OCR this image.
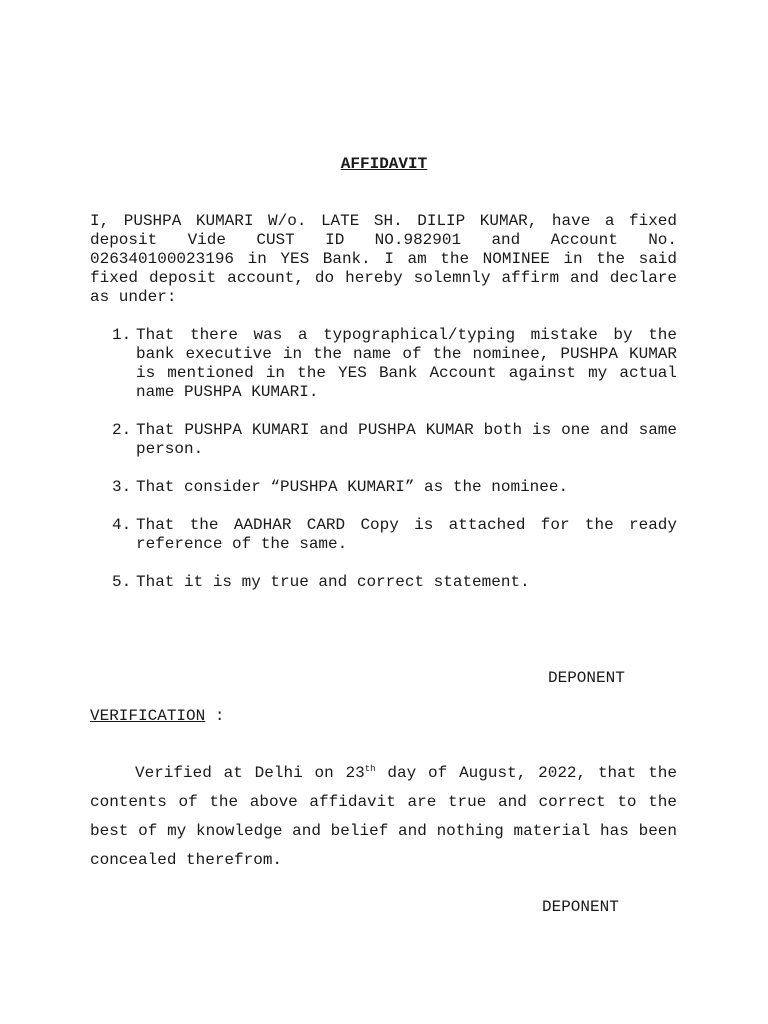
AFFIDAVIT

I, PUSHPA KUMARI W/o. LATE SH. DILIP KUMAR, have a fixed deposit Vide CUST ID NO.982901 and Account No. 026340100023196 in YES Bank. I am the NOMINEE in the said fixed deposit account, do hereby solemnly affirm and declare as under:

1. That there was a typographical/typing mistake by the bank executive in the name of the nominee, PUSHPA KUMAR is mentioned in the YES Bank Account against my actual name PUSHPA KUMARI.
2. That PUSHPA KUMARI and PUSHPA KUMAR both is one and same person.
3. That consider “PUSHPA KUMARI” as the nominee.
4. That the AADHAR CARD Copy is attached for the ready reference of the same.
5. That it is my true and correct statement.
DEPONENT
VERIFICATION :

Verified at Delhi on 23th day of August, 2022, that the contents of the above affidavit are true and correct to the best of my knowledge and belief and nothing material has been concealed therefrom.

DEPONENT
